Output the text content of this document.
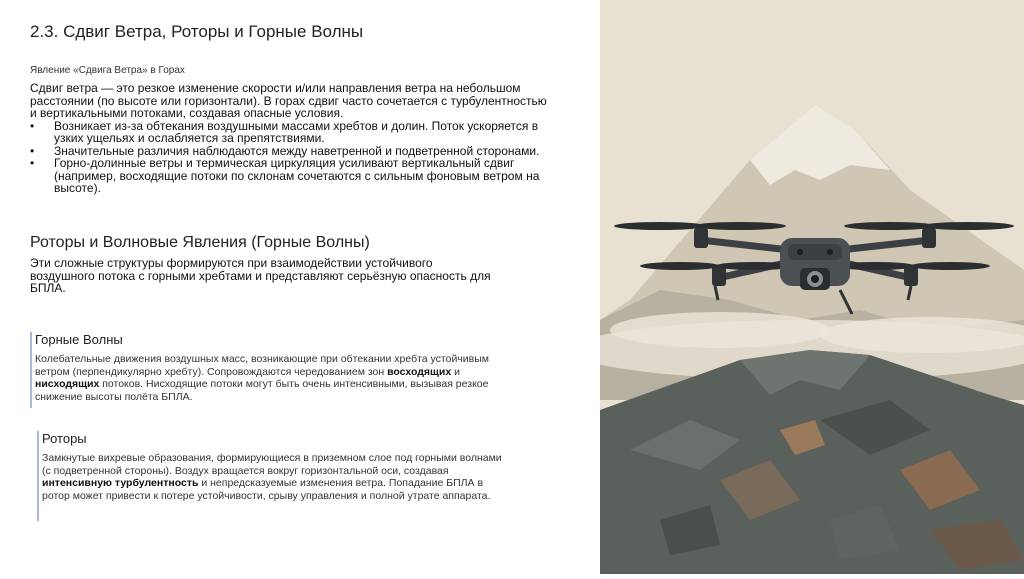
2.3. Сдвиг Ветра, Роторы и Горные Волны
Явление «Сдвига Ветра» в Горах

Сдвиг ветра — это резкое изменение скорости и/или направления ветра на небольшом расстоянии (по высоте или горизонтали). В горах сдвиг часто сочетается с турбулентностью и вертикальными потоками, создавая опасные условия.

• Возникает из-за обтекания воздушными массами хребтов и долин. Поток ускоряется в узких ущельях и ослабляется за препятствиями.
• Значительные различия наблюдаются между наветренной и подветренной сторонами.
• Горно-долинные ветры и термическая циркуляция усиливают вертикальный сдвиг (например, восходящие потоки по склонам сочетаются с сильным фоновым ветром на высоте).
Роторы и Волновые Явления (Горные Волны)
Эти сложные структуры формируются при взаимодействии устойчивого воздушного потока с горными хребтами и представляют серьёзную опасность для БПЛА.
Горные Волны

Колебательные движения воздушных масс, возникающие при обтекании хребта устойчивым ветром (перпендикулярно хребту). Сопровождаются чередованием зон восходящих и нисходящих потоков. Нисходящие потоки могут быть очень интенсивными, вызывая резкое снижение высоты полёта БПЛА.

Роторы

Замкнутые вихревые образования, формирующиеся в приземном слое под горными волнами (с подветренной стороны). Воздух вращается вокруг горизонтальной оси, создавая интенсивную турбулентность и непредсказуемые изменения ветра. Попадание БПЛА в ротор может привести к потере устойчивости, срыву управления и полной утрате аппарата.
